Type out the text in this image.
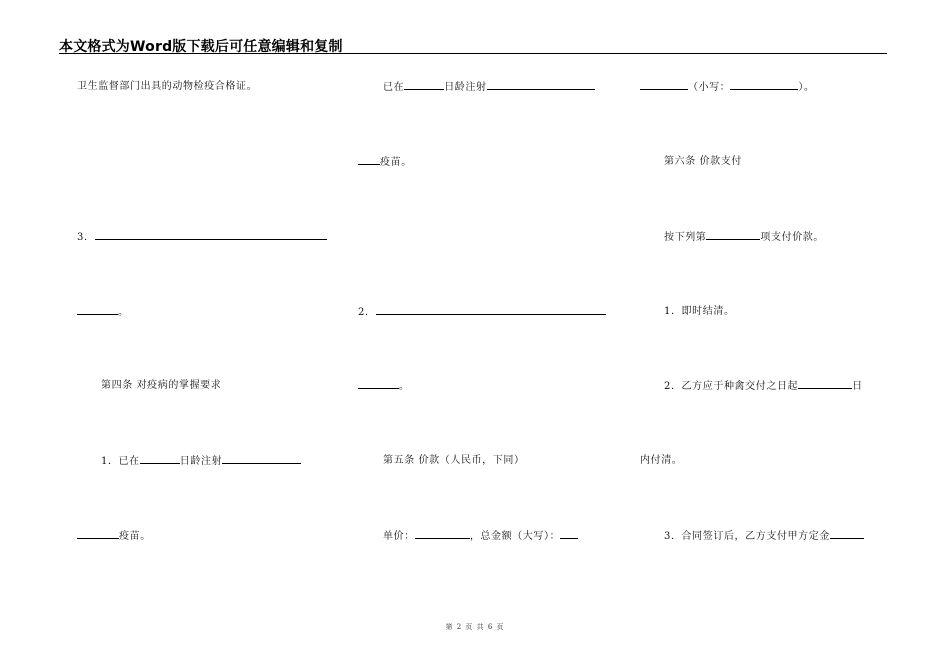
本文格式为Word版下载后可任意编辑和复制
卫生监督部门出具的动物检疫合格证。
3．
。
第四条 对疫病的掌握要求
1．已在	日龄注射
疫苗。
已在	日龄注射
疫苗。
2．
。
第五条 价款（人民币，下同）
单价：	，总金额（大写）：
（小写：	）。
第六条 价款支付
按下列第	项支付价款。
1．即时结清。
2．乙方应于种禽交付之日起	日
内付清。
3．合同签订后，乙方支付甲方定金
第 2 页 共 6 页
